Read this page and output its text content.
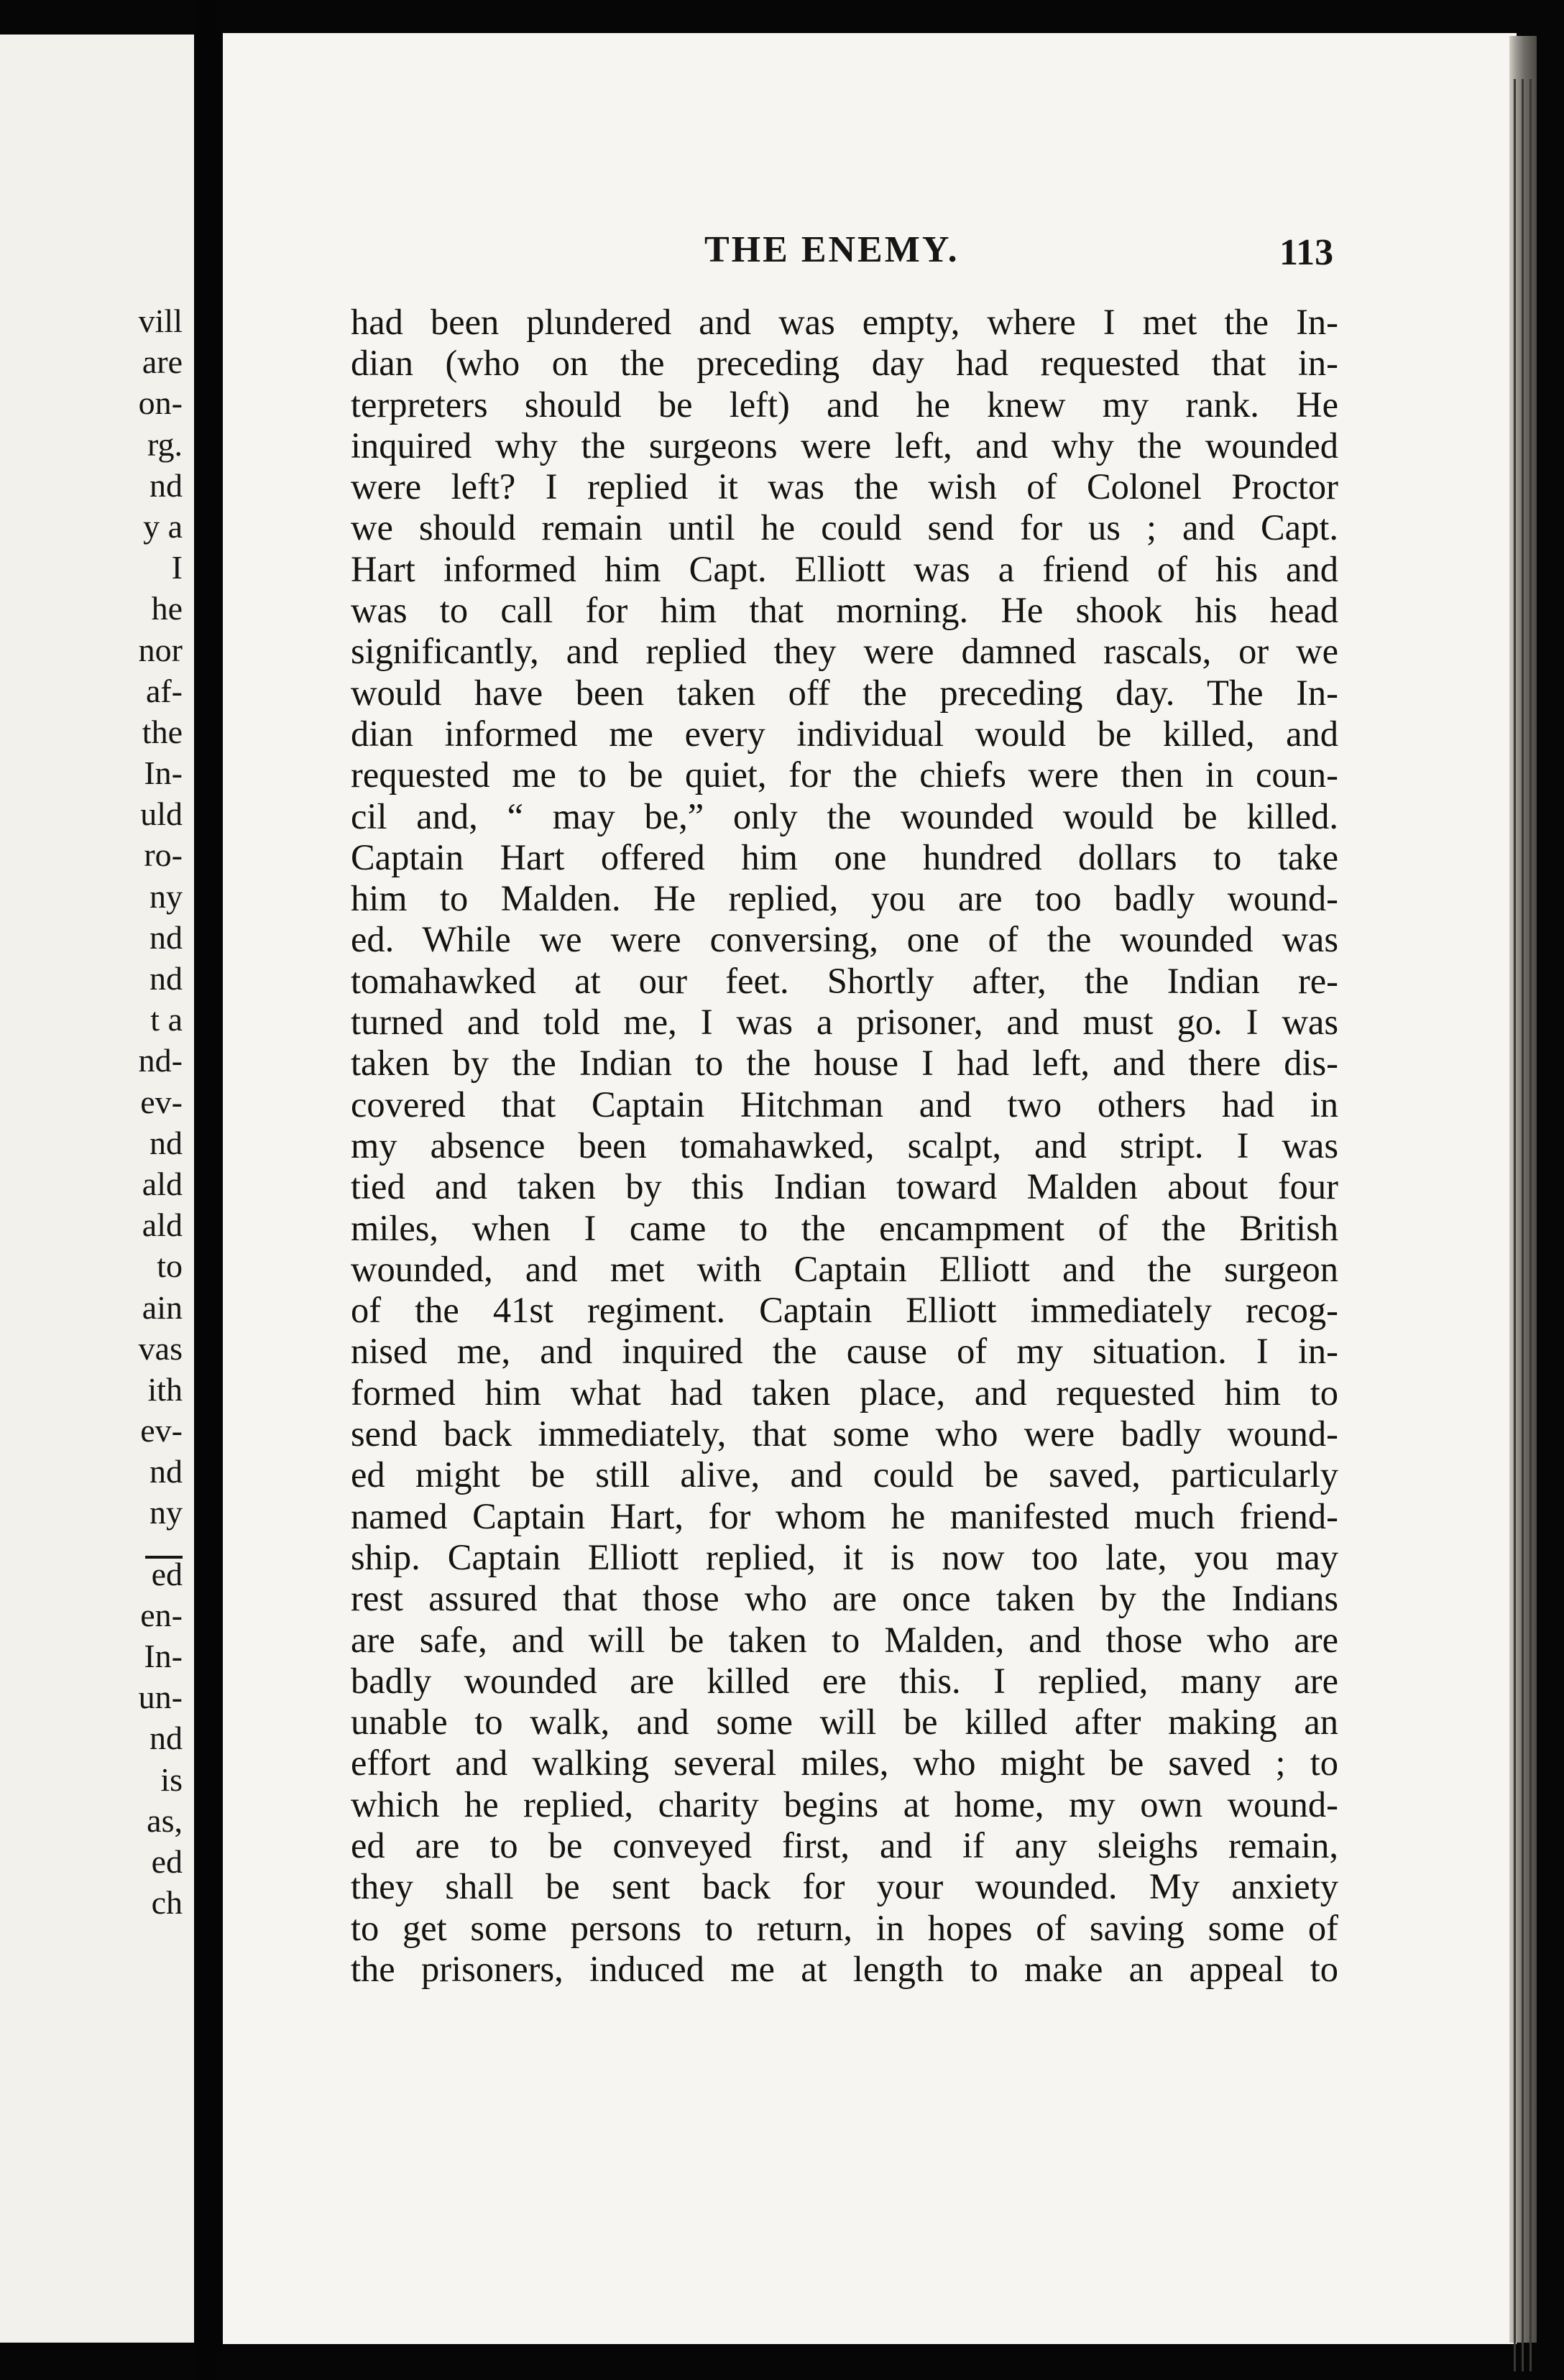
vill
are
on-
rg.
nd
y a
I
he
nor
af-
the
In-
uld
ro-
ny
nd
nd
t a
nd-
ev-
nd
ald
ald
to
ain
vas
ith
ev-
nd
ny
ed
en-
In-
un-
nd
is
as,
ed
ch
THE ENEMY.	113
had been plundered and was empty, where I met the In-
dian (who on the preceding day had requested that in-
terpreters should be left) and he knew my rank. He
inquired why the surgeons were left, and why the wounded
were left? I replied it was the wish of Colonel Proctor
we should remain until he could send for us ; and Capt.
Hart informed him Capt. Elliott was a friend of his and
was to call for him that morning. He shook his head
significantly, and replied they were damned rascals, or we
would have been taken off the preceding day. The In-
dian informed me every individual would be killed, and
requested me to be quiet, for the chiefs were then in coun-
cil and, “ may be,” only the wounded would be killed.
Captain Hart offered him one hundred dollars to take
him to Malden. He replied, you are too badly wound-
ed. While we were conversing, one of the wounded was
tomahawked at our feet. Shortly after, the Indian re-
turned and told me, I was a prisoner, and must go. I was
taken by the Indian to the house I had left, and there dis-
covered that Captain Hitchman and two others had in
my absence been tomahawked, scalpt, and stript. I was
tied and taken by this Indian toward Malden about four
miles, when I came to the encampment of the British
wounded, and met with Captain Elliott and the surgeon
of the 41st regiment. Captain Elliott immediately recog-
nised me, and inquired the cause of my situation. I in-
formed him what had taken place, and requested him to
send back immediately, that some who were badly wound-
ed might be still alive, and could be saved, particularly
named Captain Hart, for whom he manifested much friend-
ship. Captain Elliott replied, it is now too late, you may
rest assured that those who are once taken by the Indians
are safe, and will be taken to Malden, and those who are
badly wounded are killed ere this. I replied, many are
unable to walk, and some will be killed after making an
effort and walking several miles, who might be saved ; to
which he replied, charity begins at home, my own wound-
ed are to be conveyed first, and if any sleighs remain,
they shall be sent back for your wounded. My anxiety
to get some persons to return, in hopes of saving some of
the prisoners, induced me at length to make an appeal to
